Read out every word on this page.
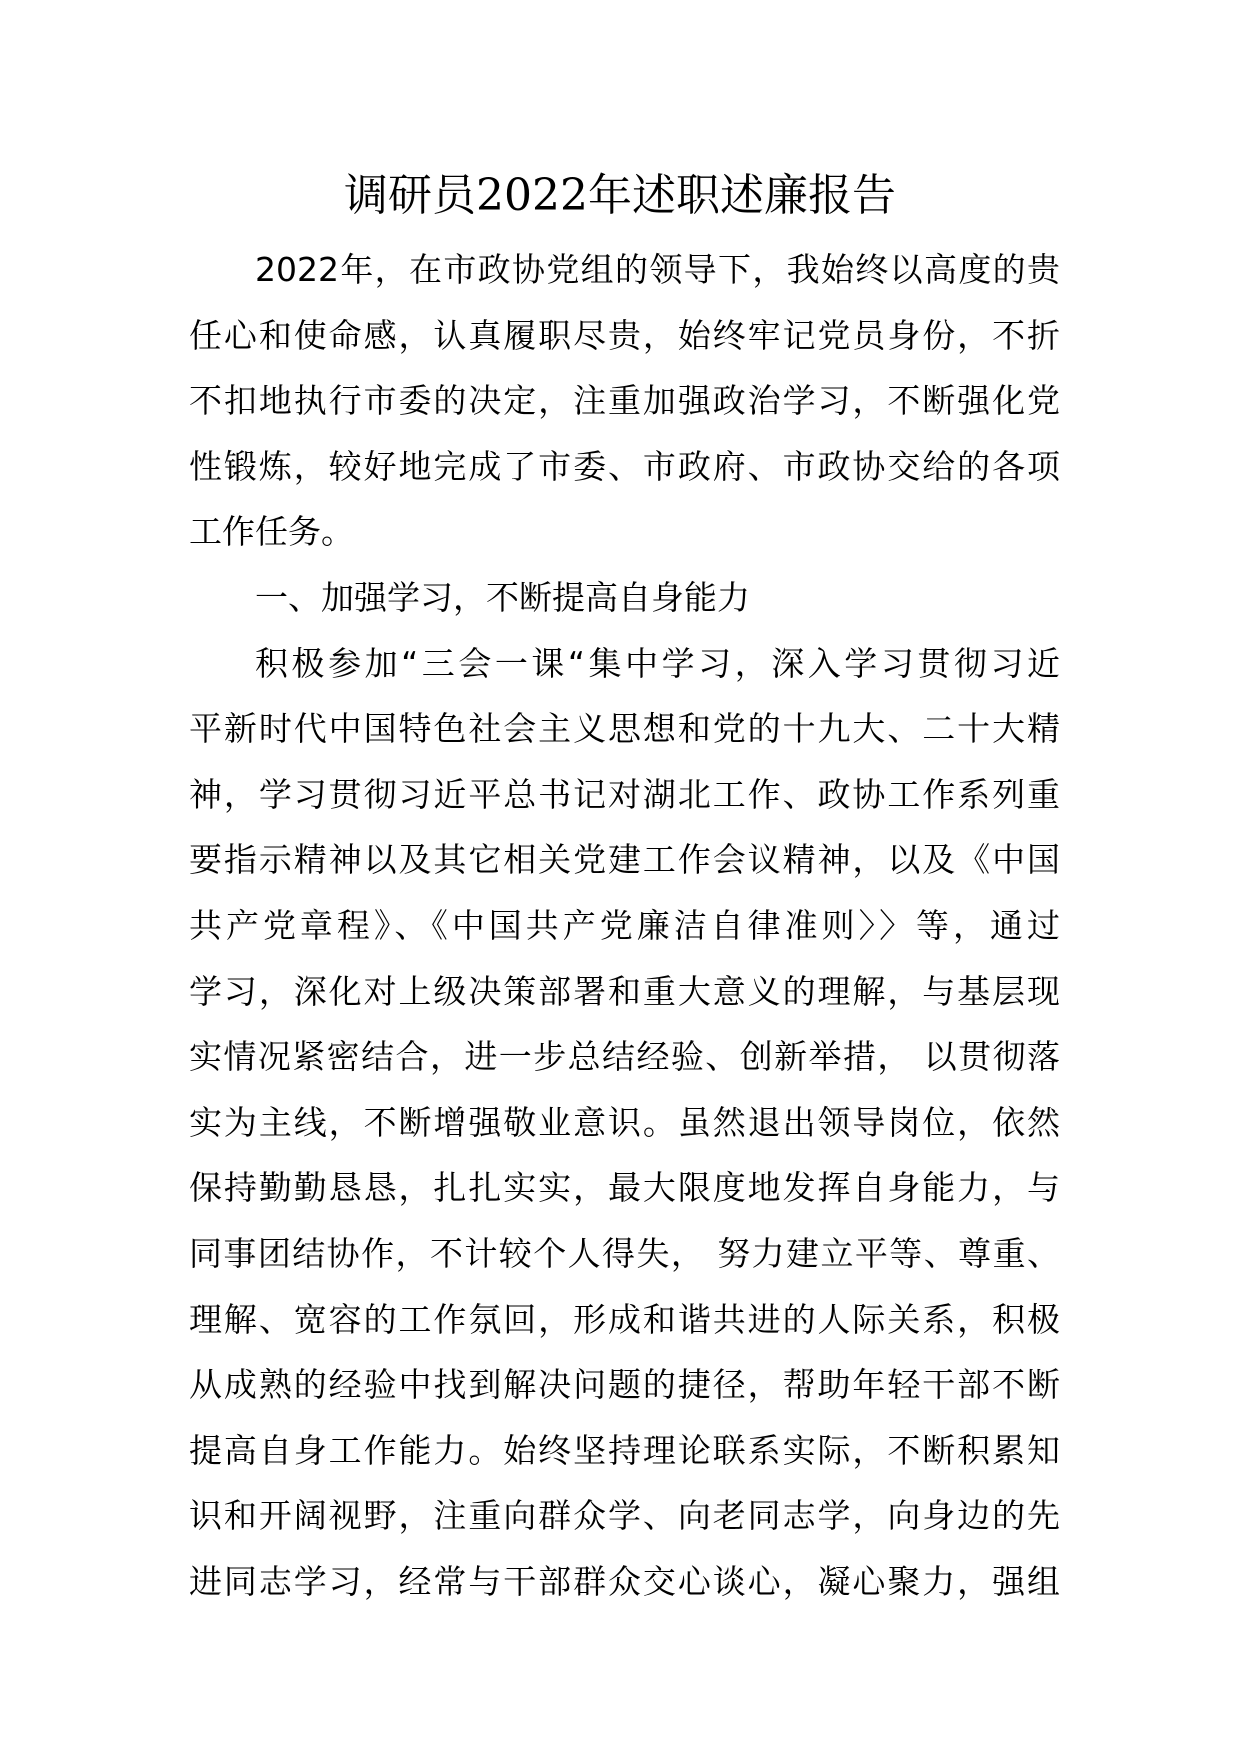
调研员2022年述职述廉报告
2022年，在市政协党组的领导下，我始终以高度的贵
任心和使命感，认真履职尽贵，始终牢记党员身份，不折
不扣地执行市委的决定，注重加强政治学习，不断强化党
性锻炼，较好地完成了市委、市政府、市政协交给的各项
工作任务。
一、加强学习，不断提高自身能力
积极参加“三会一课“集中学习，深入学习贯彻习近
平新时代中国特色社会主义思想和党的十九大、二十大精
神，学习贯彻习近平总书记对湖北工作、政协工作系列重
要指示精神以及其它相关党建工作会议精神，以及《中国
共产党章程》、《中国共产党廉洁自律准则〉〉等，通过
学习，深化对上级决策部署和重大意义的理解，与基层现
实情况紧密结合，进一步总结经验、创新举措， 以贯彻落
实为主线，不断增强敬业意识。虽然退出领导岗位，依然
保持勤勤恳恳，扎扎实实，最大限度地发挥自身能力，与
同事团结协作，不计较个人得失， 努力建立平等、尊重、
理解、宽容的工作氛回，形成和谐共进的人际关系，积极
从成熟的经验中找到解决问题的捷径，帮助年轻干部不断
提高自身工作能力。始终坚持理论联系实际，不断积累知
识和开阔视野，注重向群众学、向老同志学，向身边的先
进同志学习，经常与干部群众交心谈心，凝心聚力，强组
